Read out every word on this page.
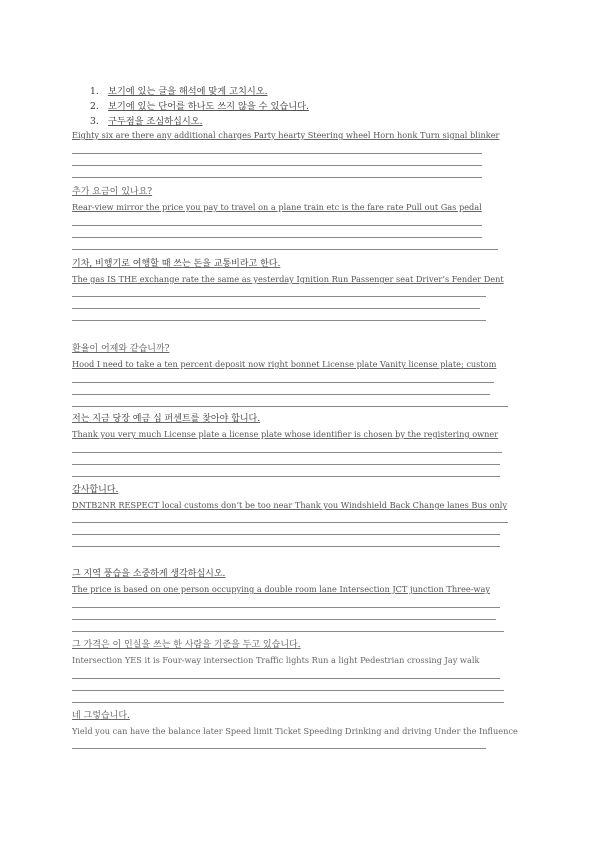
1. 보기에 있는 글을 해석에 맞게 고치시오.
2. 보기에 있는 단어를 하나도 쓰지 않을 수 있습니다.
3. 구두점을 조심하십시오.
Eighty six are there any additional charges Party hearty Steering wheel Horn honk Turn signal blinker
추가 요금이 있나요?
Rear-view mirror the price you pay to travel on a plane train etc is the fare rate Pull out Gas pedal
기차, 비행기로 여행할 때 쓰는 돈을 교통비라고 한다.
The gas IS THE exchange rate the same as yesterday Ignition Run Passenger seat Driver’s Fender Dent
환율이 어제와 같습니까?
Hood I need to take a ten percent deposit now right bonnet License plate Vanity license plate; custom
저는 지금 당장 예금 십 퍼센트를 찾아야 합니다.
Thank you very much License plate a license plate whose identifier is chosen by the registering owner
감사합니다.
DNTB2NR RESPECT local customs don’t be too near Thank you Windshield Back Change lanes Bus only
그 지역 풍습을 소중하게 생각하십시오.
The price is based on one person occupying a double room lane Intersection JCT junction Three-way
그 가격은 이 인실을 쓰는 한 사람을 기준을 두고 있습니다.
Intersection YES it is Four-way intersection Traffic lights Run a light Pedestrian crossing Jay walk
네 그렇습니다.
Yield you can have the balance later Speed limit Ticket Speeding Drinking and driving Under the Influence
